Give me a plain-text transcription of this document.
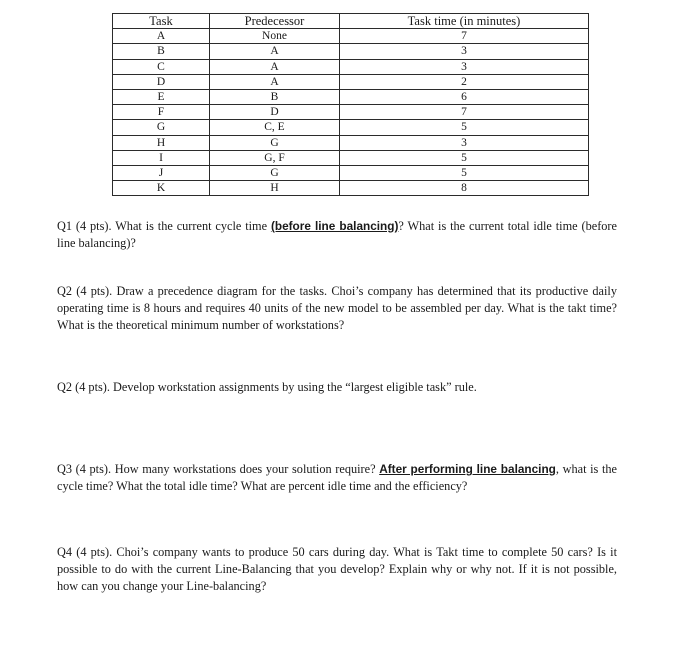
Task	Predecessor	Task time (in minutes)
A	None	7
B	A	3
C	A	3
D	A	2
E	B	6
F	D	7
G	C, E	5
H	G	3
I	G, F	5
J	G	5
K	H	8

Q1 (4 pts). What is the current cycle time (before line balancing)? What is the current total idle time (before line balancing)?

Q2 (4 pts). Draw a precedence diagram for the tasks. Choi’s company has determined that its productive daily operating time is 8 hours and requires 40 units of the new model to be assembled per day. What is the takt time? What is the theoretical minimum number of workstations?

Q2 (4 pts). Develop workstation assignments by using the “largest eligible task” rule.

Q3 (4 pts). How many workstations does your solution require? After performing line balancing, what is the cycle time? What the total idle time? What are percent idle time and the efficiency?

Q4 (4 pts). Choi’s company wants to produce 50 cars during day. What is Takt time to complete 50 cars? Is it possible to do with the current Line-Balancing that you develop? Explain why or why not. If it is not possible, how can you change your Line-balancing?
